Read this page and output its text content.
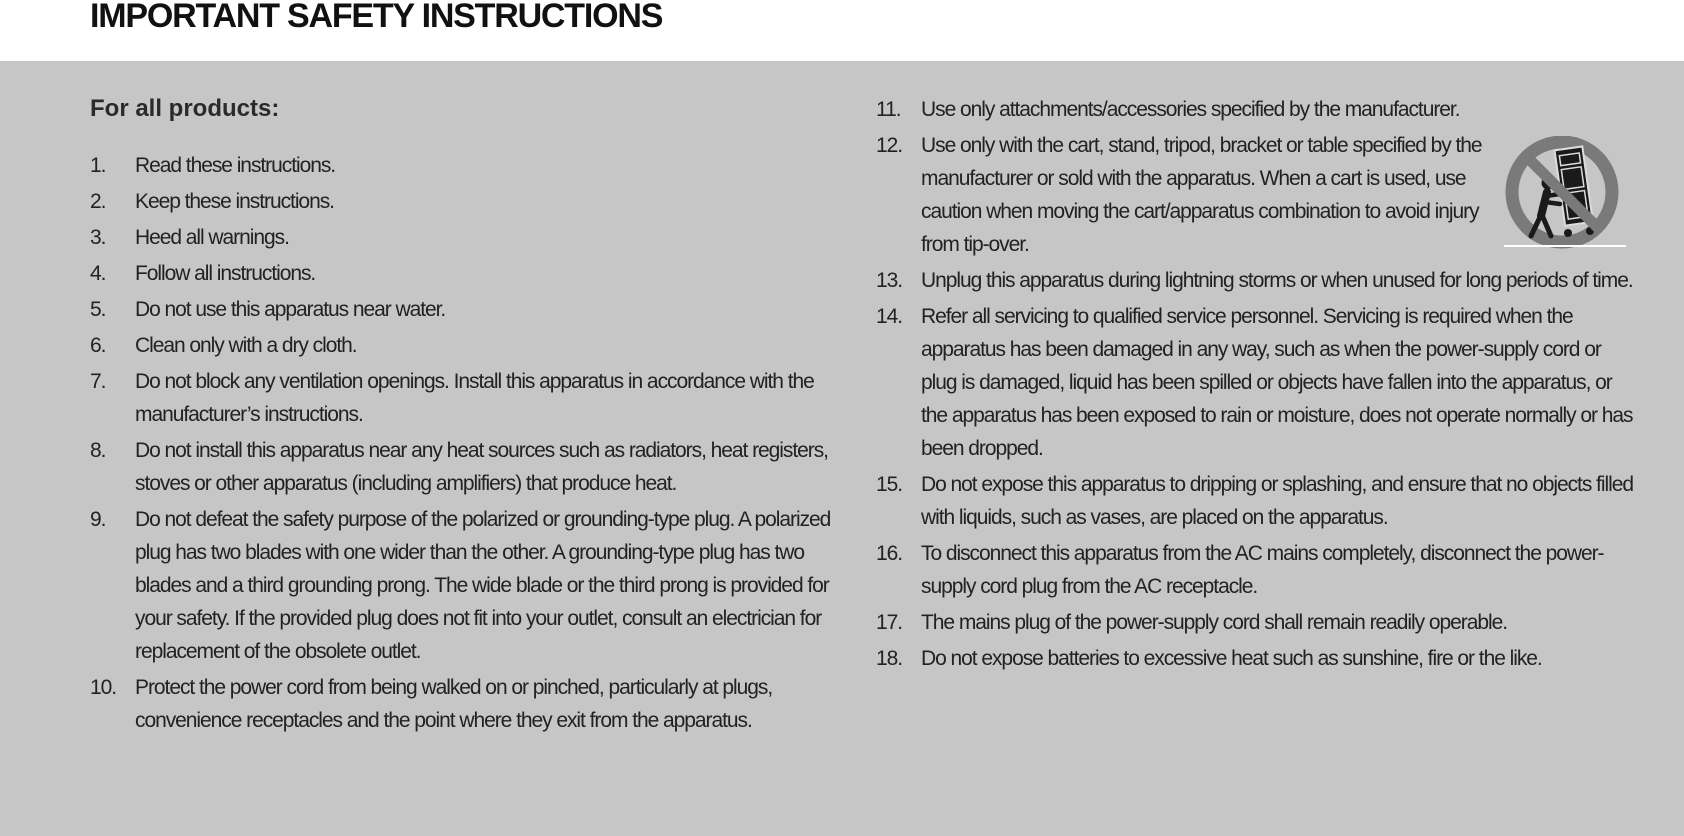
IMPORTANT SAFETY INSTRUCTIONS
For all products:
1.	Read these instructions.
2.	Keep these instructions.
3.	Heed all warnings.
4.	Follow all instructions.
5.	Do not use this apparatus near water.
6.	Clean only with a dry cloth.
7.	Do not block any ventilation openings. Install this apparatus in accordance with the manufacturer’s instructions.
8.	Do not install this apparatus near any heat sources such as radiators, heat registers, stoves or other apparatus (including amplifiers) that produce heat.
9.	Do not defeat the safety purpose of the polarized or grounding-type plug. A polarized plug has two blades with one wider than the other. A grounding-type plug has two blades and a third grounding prong. The wide blade or the third prong is provided for your safety. If the provided plug does not fit into your outlet, consult an electrician for replacement of the obsolete outlet.
10. Protect the power cord from being walked on or pinched, particularly at plugs, convenience receptacles and the point where they exit from the apparatus.
11. Use only attachments/accessories specified by the manufacturer.
12. Use only with the cart, stand, tripod, bracket or table specified by the manufacturer or sold with the apparatus. When a cart is used, use caution when moving the cart/apparatus combination to avoid injury from tip-over.
13. Unplug this apparatus during lightning storms or when unused for long periods of time.
14. Refer all servicing to qualified service personnel. Servicing is required when the apparatus has been damaged in any way, such as when the power-supply cord or plug is damaged, liquid has been spilled or objects have fallen into the apparatus, or the apparatus has been exposed to rain or moisture, does not operate normally or has been dropped.
15. Do not expose this apparatus to dripping or splashing, and ensure that no objects filled with liquids, such as vases, are placed on the apparatus.
16. To disconnect this apparatus from the AC mains completely, disconnect the power-supply cord plug from the AC receptacle.
17. The mains plug of the power-supply cord shall remain readily operable.
18. Do not expose batteries to excessive heat such as sunshine, fire or the like.
